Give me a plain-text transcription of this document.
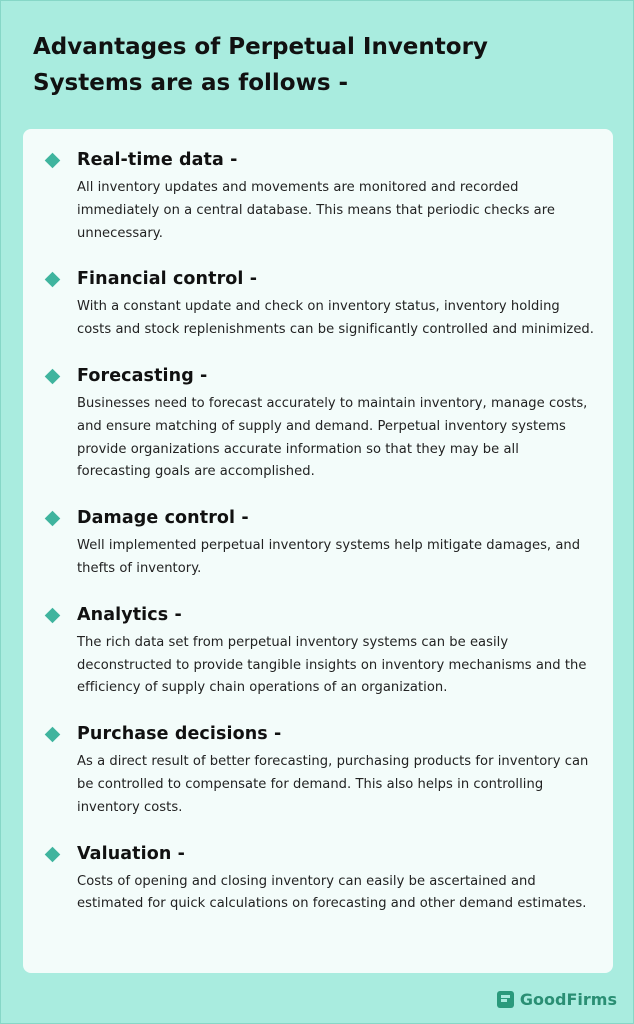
Advantages of Perpetual Inventory Systems are as follows -
Real-time data -

All inventory updates and movements are monitored and recorded immediately on a central database. This means that periodic checks are unnecessary.

Financial control -

With a constant update and check on inventory status, inventory holding costs and stock replenishments can be significantly controlled and minimized.

Forecasting -

Businesses need to forecast accurately to maintain inventory, manage costs, and ensure matching of supply and demand. Perpetual inventory systems provide organizations accurate information so that they may be all forecasting goals are accomplished.

Damage control -

Well implemented perpetual inventory systems help mitigate damages, and thefts of inventory.

Analytics -

The rich data set from perpetual inventory systems can be easily deconstructed to provide tangible insights on inventory mechanisms and the efficiency of supply chain operations of an organization.

Purchase decisions -

As a direct result of better forecasting, purchasing products for inventory can be controlled to compensate for demand. This also helps in controlling inventory costs.

Valuation -

Costs of opening and closing inventory can easily be ascertained and estimated for quick calculations on forecasting and other demand estimates.

GoodFirms
